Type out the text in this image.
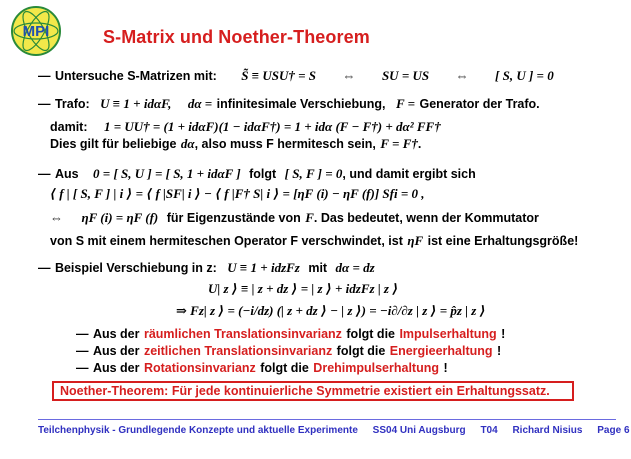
MPI	S-Matrix und Noether-Theorem
— Untersuche S-Matrizen mit: S̃ ≡ USU† = S ⇔ SU = US ⇔ [ S, U ] = 0
— Trafo: U ≡ 1 + idαF, dα = infinitesimale Verschiebung, F = Generator der Trafo.
damit: 1 = UU† = (1 + idαF)(1 − idαF†) = 1 + idα (F − F†) + dα² FF†
Dies gilt für beliebige dα, also muss F hermitesch sein, F = F†.
— Aus 0 = [ S, U ] = [ S, 1 + idαF ] folgt [ S, F ] = 0, und damit ergibt sich
⟨ f | [ S, F ] | i ⟩ = ⟨ f |SF| i ⟩ − ⟨ f |F† S| i ⟩ = [ηF (i) − ηF (f)] Sfi = 0 ,
⇔ ηF (i) = ηF (f) für Eigenzustände von F. Das bedeutet, wenn der Kommutator
von S mit einem hermiteschen Operator F verschwindet, ist ηF ist eine Erhaltungsgröße!
— Beispiel Verschiebung in z: U ≡ 1 + idzFz mit dα = dz
U| z ⟩ ≡ | z + dz ⟩ = | z ⟩ + idzFz | z ⟩
⇒ Fz| z ⟩ = (−i/dz) (| z + dz ⟩ − | z ⟩) = −i∂/∂z | z ⟩ = p̂z | z ⟩
— Aus der räumlichen Translationsinvarianz folgt die Impulserhaltung !
— Aus der zeitlichen Translationsinvarianz folgt die Energieerhaltung !
— Aus der Rotationsinvarianz folgt die Drehimpulserhaltung !
Noether-Theorem: Für jede kontinuierliche Symmetrie existiert ein Erhaltungssatz.
Teilchenphysik - Grundlegende Konzepte und aktuelle Experimente SS04 Uni Augsburg T04 Richard Nisius Page 6
